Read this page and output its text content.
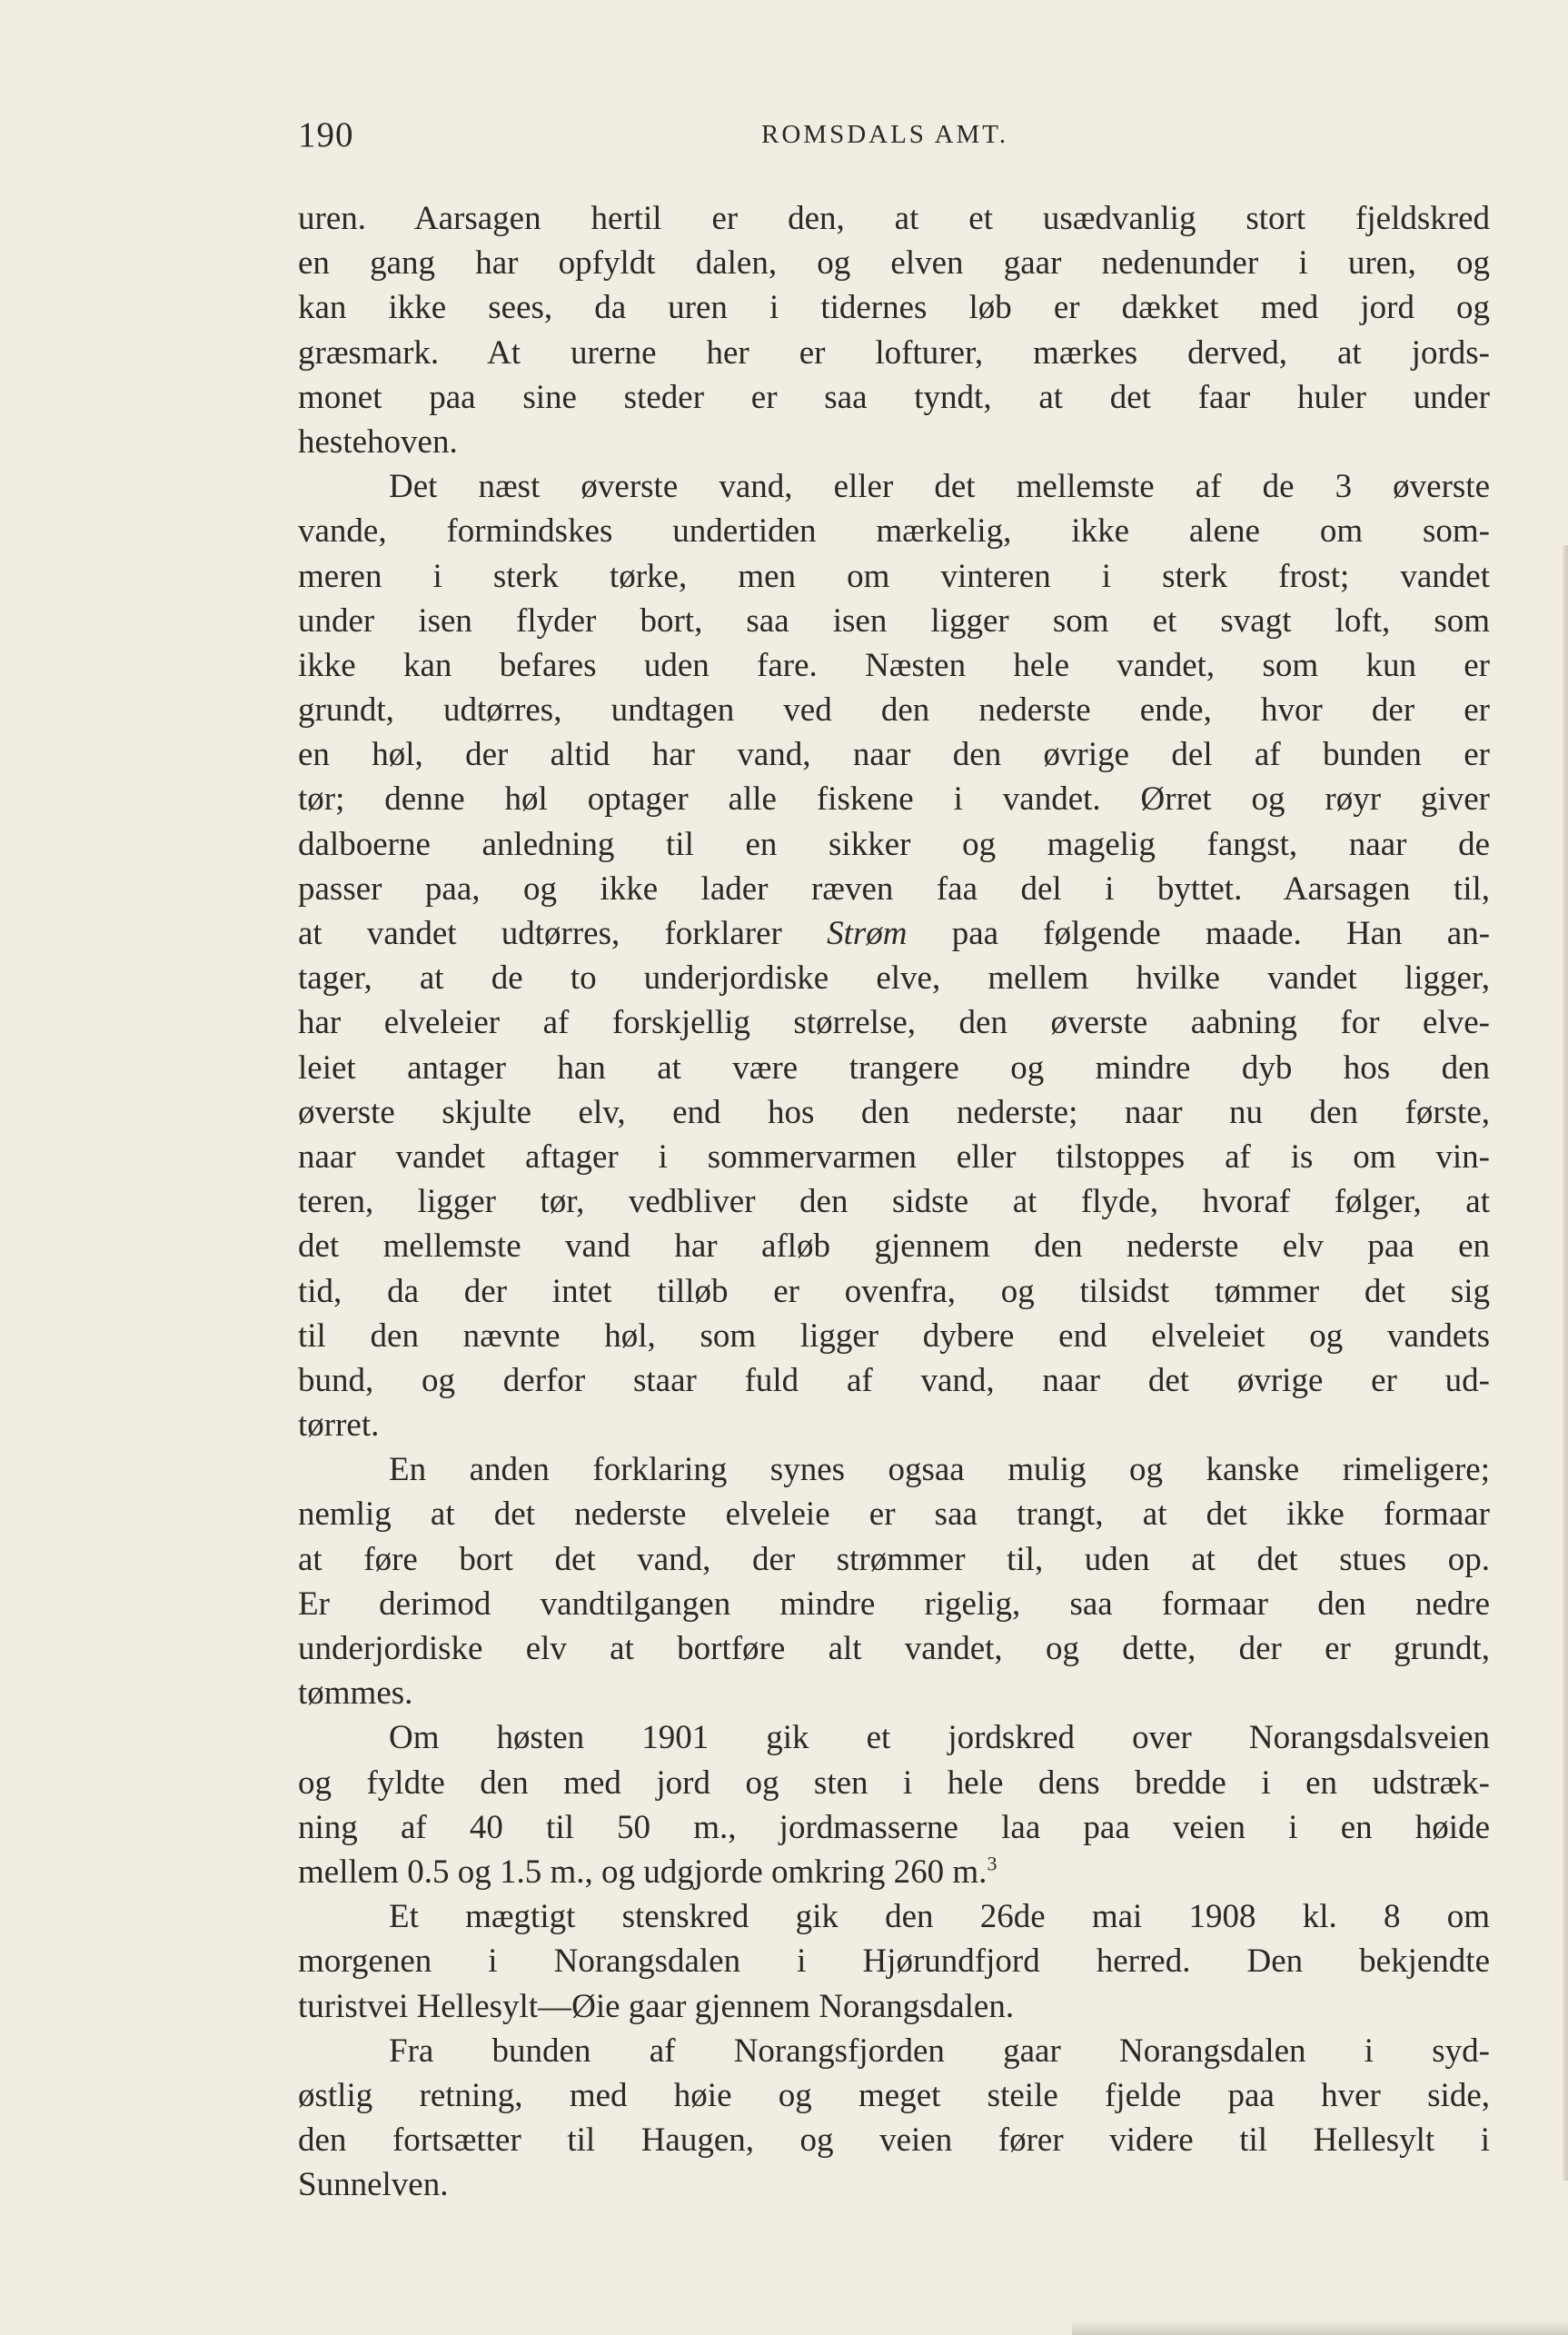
190	ROMSDALS AMT.
uren. Aarsagen hertil er den, at et usædvanlig stort fjeldskred
en gang har opfyldt dalen, og elven gaar nedenunder i uren, og
kan ikke sees, da uren i tidernes løb er dækket med jord og
græsmark. At urerne her er lofturer, mærkes derved, at jords-
monet paa sine steder er saa tyndt, at det faar huler under
hestehoven.
Det næst øverste vand, eller det mellemste af de 3 øverste
vande, formindskes undertiden mærkelig, ikke alene om som-
meren i sterk tørke, men om vinteren i sterk frost; vandet
under isen flyder bort, saa isen ligger som et svagt loft, som
ikke kan befares uden fare. Næsten hele vandet, som kun er
grundt, udtørres, undtagen ved den nederste ende, hvor der er
en høl, der altid har vand, naar den øvrige del af bunden er
tør; denne høl optager alle fiskene i vandet. Ørret og røyr giver
dalboerne anledning til en sikker og magelig fangst, naar de
passer paa, og ikke lader ræven faa del i byttet. Aarsagen til,
at vandet udtørres, forklarer Strøm paa følgende maade. Han an-
tager, at de to underjordiske elve, mellem hvilke vandet ligger,
har elveleier af forskjellig størrelse, den øverste aabning for elve-
leiet antager han at være trangere og mindre dyb hos den
øverste skjulte elv, end hos den nederste; naar nu den første,
naar vandet aftager i sommervarmen eller tilstoppes af is om vin-
teren, ligger tør, vedbliver den sidste at flyde, hvoraf følger, at
det mellemste vand har afløb gjennem den nederste elv paa en
tid, da der intet tilløb er ovenfra, og tilsidst tømmer det sig
til den nævnte høl, som ligger dybere end elveleiet og vandets
bund, og derfor staar fuld af vand, naar det øvrige er ud-
tørret.
En anden forklaring synes ogsaa mulig og kanske rimeligere;
nemlig at det nederste elveleie er saa trangt, at det ikke formaar
at føre bort det vand, der strømmer til, uden at det stues op.
Er derimod vandtilgangen mindre rigelig, saa formaar den nedre
underjordiske elv at bortføre alt vandet, og dette, der er grundt,
tømmes.
Om høsten 1901 gik et jordskred over Norangsdalsveien
og fyldte den med jord og sten i hele dens bredde i en udstræk-
ning af 40 til 50 m., jordmasserne laa paa veien i en høide
mellem 0.5 og 1.5 m., og udgjorde omkring 260 m.$^3$
Et mægtigt stenskred gik den 26de mai 1908 kl. 8 om
morgenen i Norangsdalen i Hjørundfjord herred. Den bekjendte
turistvei Hellesylt—Øie gaar gjennem Norangsdalen.
Fra bunden af Norangsfjorden gaar Norangsdalen i syd-
østlig retning, med høie og meget steile fjelde paa hver side,
den fortsætter til Haugen, og veien fører videre til Hellesylt i
Sunnelven.
